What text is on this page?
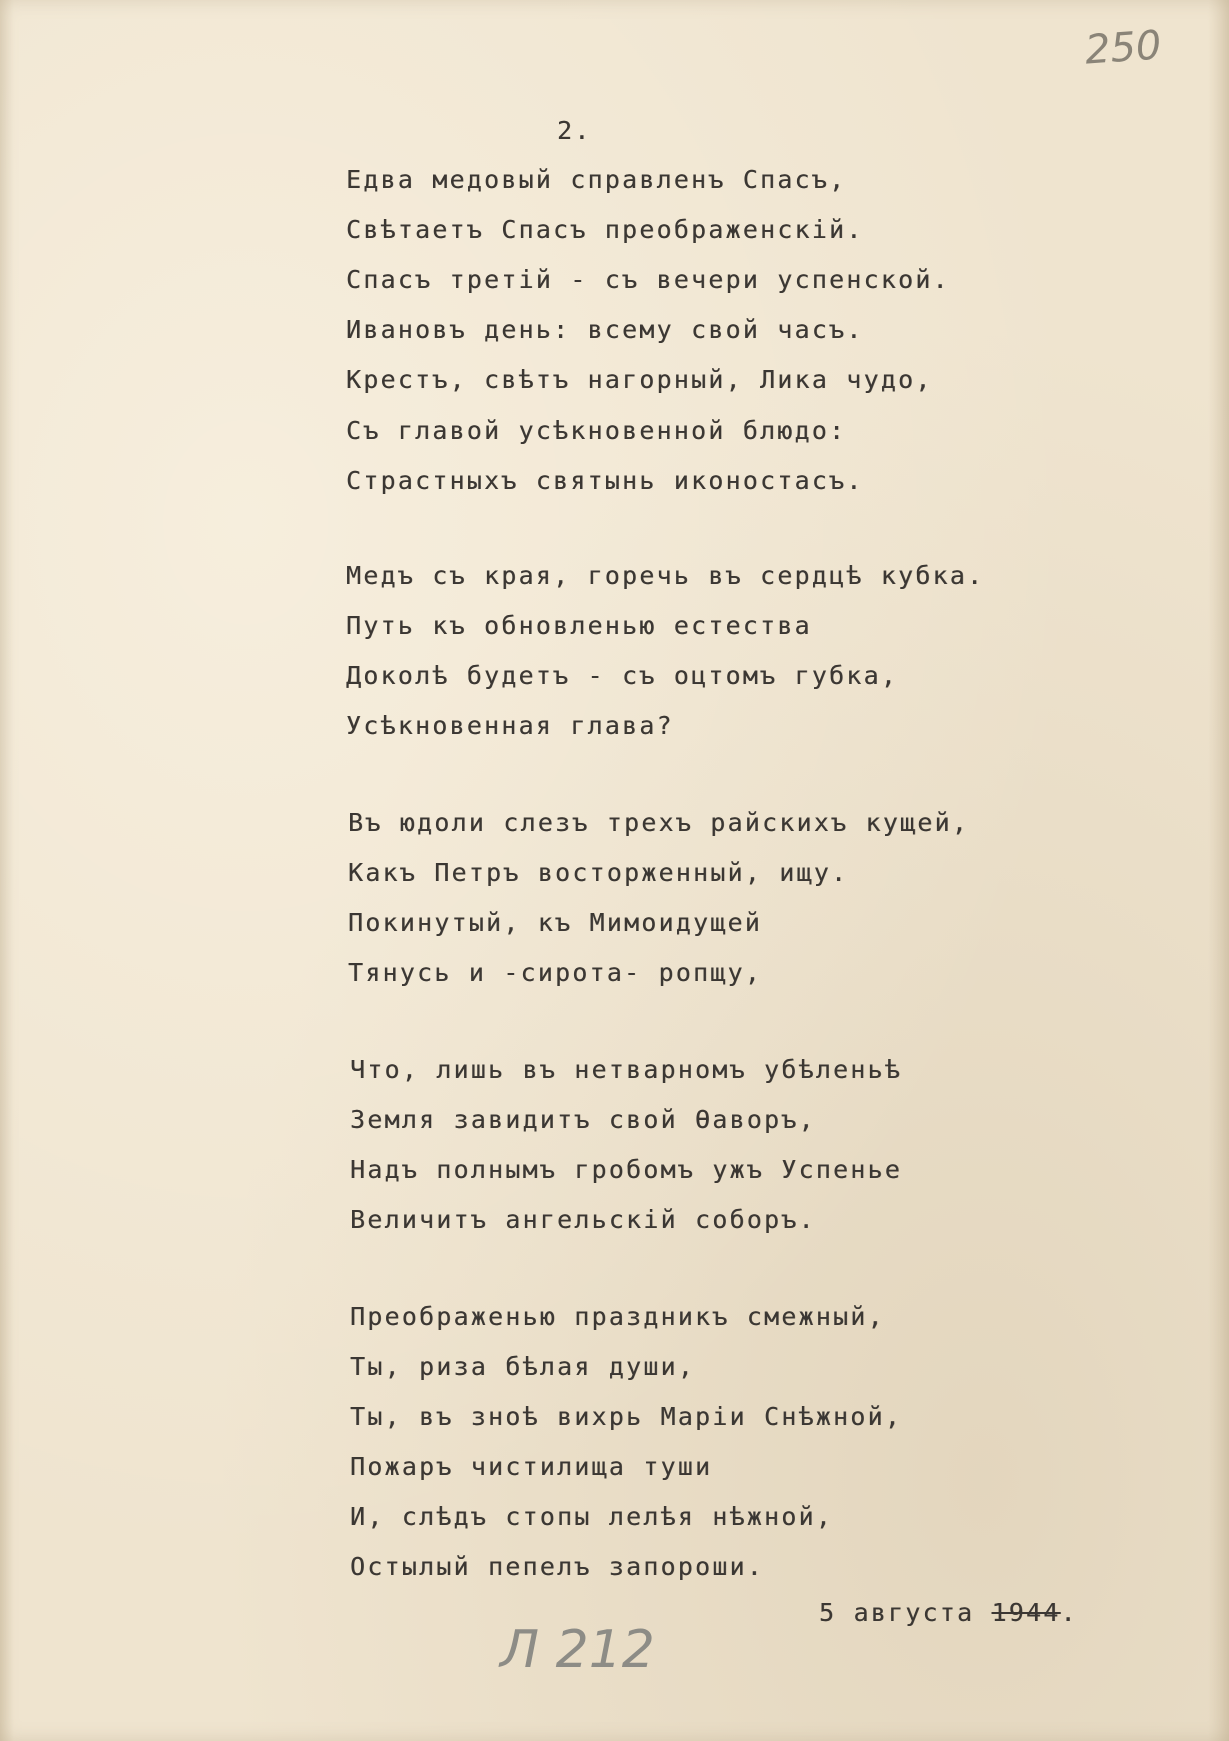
250
2.
Едва медовый справленъ Спасъ,
Свѣтаетъ Спасъ преображенскій.
Спасъ третій - съ вечери успенской.
Ивановъ день: всему свой часъ.
Крестъ, свѣтъ нагорный, Лика чудо,
Съ главой усѣкновенной блюдо:
Страстныхъ святынь иконостасъ.
Медъ съ края, горечь въ сердцѣ кубка.
Путь къ обновленью естества
Доколѣ будетъ - съ оцтомъ губка,
Усѣкновенная глава?
Въ юдоли слезъ трехъ райскихъ кущей,
Какъ Петръ восторженный, ищу.
Покинутый, къ Мимоидущей
Тянусь и -сирота- ропщу,
Что, лишь въ нетварномъ убѣленьѣ
Земля завидитъ свой Ѳаворъ,
Надъ полнымъ гробомъ ужъ Успенье
Величитъ ангельскій соборъ.
Преображенью праздникъ смежный,
Ты, риза бѣлая души,
Ты, въ зноѣ вихрь Маріи Снѣжной,
Пожаръ чистилища туши
И, слѣдъ стопы лелѣя нѣжной,
Остылый пепелъ запороши.
5 августа 1944.
Л 212
